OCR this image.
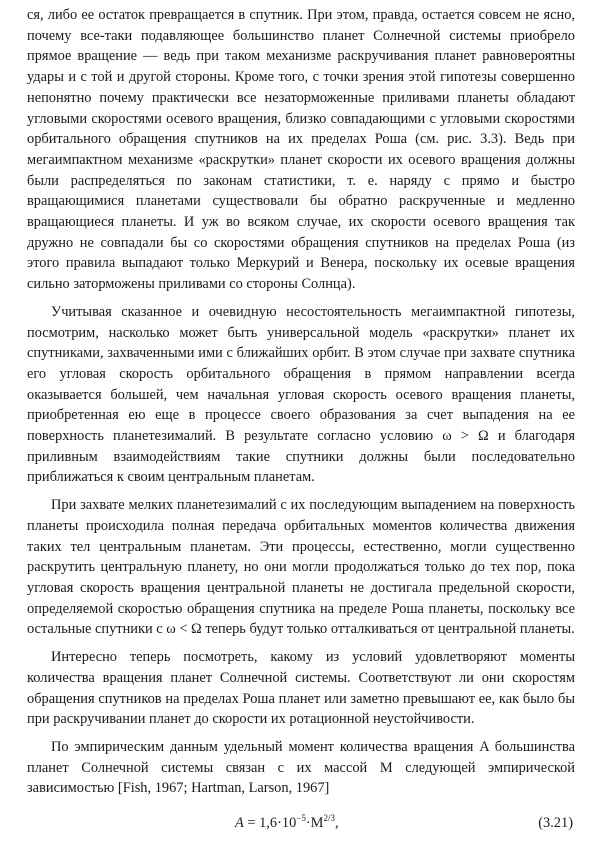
ся, либо ее остаток превращается в спутник. При этом, правда, остается совсем не ясно, почему все-таки подавляющее большинство планет Солнечной системы приобрело прямое вращение — ведь при таком механизме раскручивания планет равновероятны удары и с той и другой стороны. Кроме того, с точки зрения этой гипотезы совершенно непонятно почему практически все незаторможенные приливами планеты обладают угловыми скоростями осевого вращения, близко совпадающими с угловыми скоростями орбитального обращения спутников на их пределах Роша (см. рис. 3.3). Ведь при мегаимпактном механизме «раскрутки» планет скорости их осевого вращения должны были распределяться по законам статистики, т. е. наряду с прямо и быстро вращающимися планетами существовали бы обратно раскрученные и медленно вращающиеся планеты. И уж во всяком случае, их скорости осевого вращения так дружно не совпадали бы со скоростями обращения спутников на пределах Роша (из этого правила выпадают только Меркурий и Венера, поскольку их осевые вращения сильно заторможены приливами со стороны Солнца).

Учитывая сказанное и очевидную несостоятельность мегаимпактной гипотезы, посмотрим, насколько может быть универсальной модель «раскрутки» планет их спутниками, захваченными ими с ближайших орбит. В этом случае при захвате спутника его угловая скорость орбитального обращения в прямом направлении всегда оказывается большей, чем начальная угловая скорость осевого вращения планеты, приобретенная ею еще в процессе своего образования за счет выпадения на ее поверхность планетезималий. В результате согласно условию ω > Ω и благодаря приливным взаимодействиям такие спутники должны были последовательно приближаться к своим центральным планетам.

При захвате мелких планетезималий с их последующим выпадением на поверхность планеты происходила полная передача орбитальных моментов количества движения таких тел центральным планетам. Эти процессы, естественно, могли существенно раскрутить центральную планету, но они могли продолжаться только до тех пор, пока угловая скорость вращения центральной планеты не достигала предельной скорости, определяемой скоростью обращения спутника на пределе Роша планеты, поскольку все остальные спутники с ω < Ω теперь будут только отталкиваться от центральной планеты.

Интересно теперь посмотреть, какому из условий удовлетворяют моменты количества вращения планет Солнечной системы. Соответствуют ли они скоростям обращения спутников на пределах Роша планет или заметно превышают ее, как было бы при раскручивании планет до скорости их ротационной неустойчивости.

По эмпирическим данным удельный момент количества вращения A большинства планет Солнечной системы связан с их массой M следующей эмпирической зависимостью [Fish, 1967; Hartman, Larson, 1967]

$A = 1,6\cdot 10^{-5}\cdot M^{2/3}$,	(3.21)
